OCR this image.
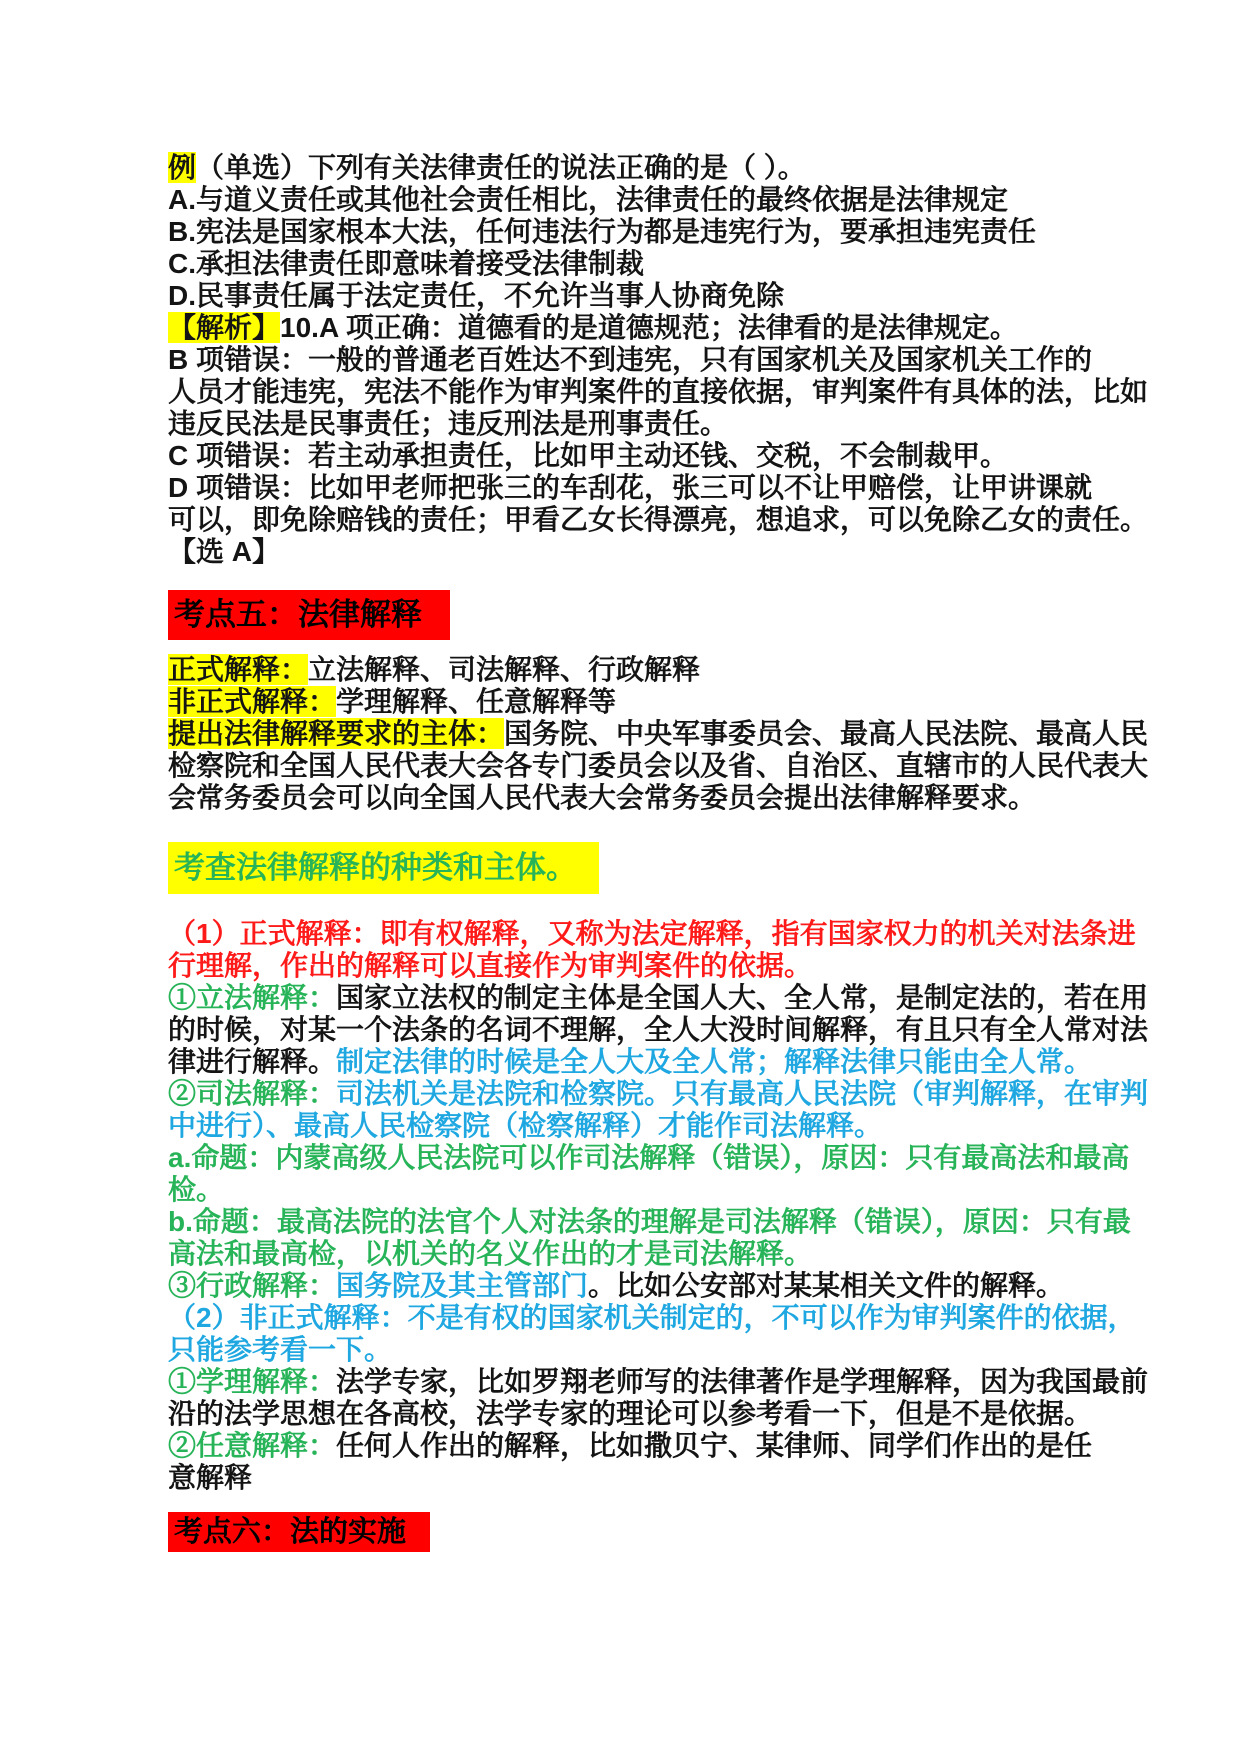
例（单选）下列有关法律责任的说法正确的是（ ）。
A.与道义责任或其他社会责任相比，法律责任的最终依据是法律规定
B.宪法是国家根本大法，任何违法行为都是违宪行为，要承担违宪责任
C.承担法律责任即意味着接受法律制裁
D.民事责任属于法定责任，不允许当事人协商免除
【解析】10.A 项正确：道德看的是道德规范；法律看的是法律规定。
B 项错误：一般的普通老百姓达不到违宪，只有国家机关及国家机关工作的
人员才能违宪，宪法不能作为审判案件的直接依据，审判案件有具体的法，比如
违反民法是民事责任；违反刑法是刑事责任。
C 项错误：若主动承担责任，比如甲主动还钱、交税，不会制裁甲。
D 项错误：比如甲老师把张三的车刮花，张三可以不让甲赔偿，让甲讲课就
可以，即免除赔钱的责任；甲看乙女长得漂亮，想追求，可以免除乙女的责任。
【选 A】
考点五：法律解释
正式解释：立法解释、司法解释、行政解释
非正式解释：学理解释、任意解释等
提出法律解释要求的主体：国务院、中央军事委员会、最高人民法院、最高人民
检察院和全国人民代表大会各专门委员会以及省、自治区、直辖市的人民代表大
会常务委员会可以向全国人民代表大会常务委员会提出法律解释要求。
考查法律解释的种类和主体。
（1）正式解释：即有权解释，又称为法定解释，指有国家权力的机关对法条进
行理解，作出的解释可以直接作为审判案件的依据。
①立法解释：国家立法权的制定主体是全国人大、全人常，是制定法的，若在用
的时候，对某一个法条的名词不理解，全人大没时间解释，有且只有全人常对法
律进行解释。制定法律的时候是全人大及全人常；解释法律只能由全人常。
②司法解释：司法机关是法院和检察院。只有最高人民法院（审判解释，在审判
中进行）、最高人民检察院（检察解释）才能作司法解释。
a.命题：内蒙高级人民法院可以作司法解释（错误），原因：只有最高法和最高
检。
b.命题：最高法院的法官个人对法条的理解是司法解释（错误），原因：只有最
高法和最高检，以机关的名义作出的才是司法解释。
③行政解释：国务院及其主管部门。比如公安部对某某相关文件的解释。
（2）非正式解释：不是有权的国家机关制定的，不可以作为审判案件的依据，
只能参考看一下。
①学理解释：法学专家，比如罗翔老师写的法律著作是学理解释，因为我国最前
沿的法学思想在各高校，法学专家的理论可以参考看一下，但是不是依据。
②任意解释：任何人作出的解释，比如撒贝宁、某律师、同学们作出的是任
意解释
考点六：法的实施
